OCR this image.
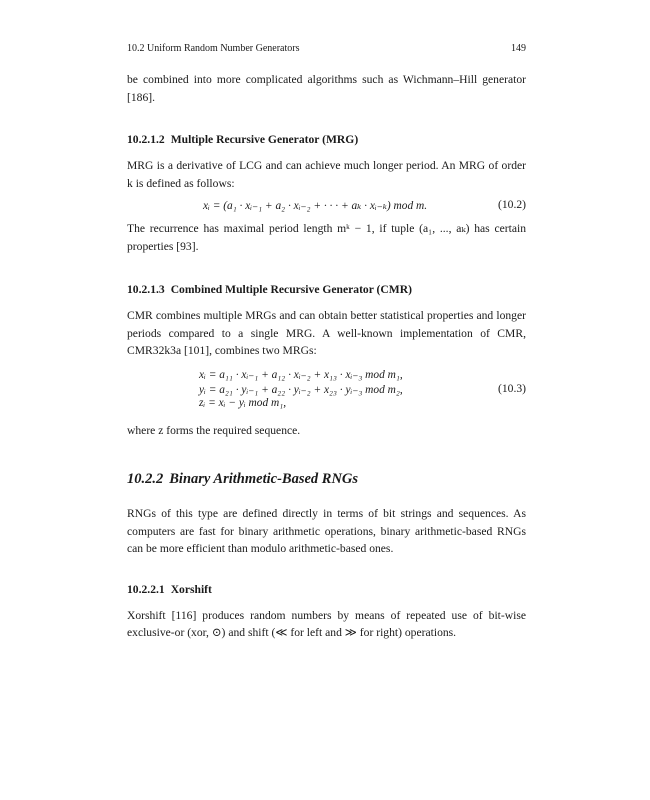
10.2 Uniform Random Number Generators	149

be combined into more complicated algorithms such as Wichmann–Hill generator [186].

10.2.1.2 Multiple Recursive Generator (MRG)

MRG is a derivative of LCG and can achieve much longer period. An MRG of order k is defined as follows:

xᵢ = (a₁ · xᵢ₋₁ + a₂ · xᵢ₋₂ + · · · + aₖ · xᵢ₋ₖ) mod m.	(10.2)

The recurrence has maximal period length mᵏ − 1, if tuple (a₁, ..., aₖ) has certain properties [93].

10.2.1.3 Combined Multiple Recursive Generator (CMR)

CMR combines multiple MRGs and can obtain better statistical properties and longer periods compared to a single MRG. A well-known implementation of CMR, CMR32k3a [101], combines two MRGs:

xᵢ = a₁₁ · xᵢ₋₁ + a₁₂ · xᵢ₋₂ + x₁₃ · xᵢ₋₃ mod m₁,
yᵢ = a₂₁ · yᵢ₋₁ + a₂₂ · yᵢ₋₂ + x₂₃ · yᵢ₋₃ mod m₂,
zᵢ = xᵢ − yᵢ mod m₁,
(10.3)

where z forms the required sequence.

10.2.2 Binary Arithmetic-Based RNGs

RNGs of this type are defined directly in terms of bit strings and sequences. As computers are fast for binary arithmetic operations, binary arithmetic-based RNGs can be more efficient than modulo arithmetic-based ones.

10.2.2.1 Xorshift

Xorshift [116] produces random numbers by means of repeated use of bit-wise exclusive-or (xor, ⊙) and shift (≪ for left and ≫ for right) operations.
